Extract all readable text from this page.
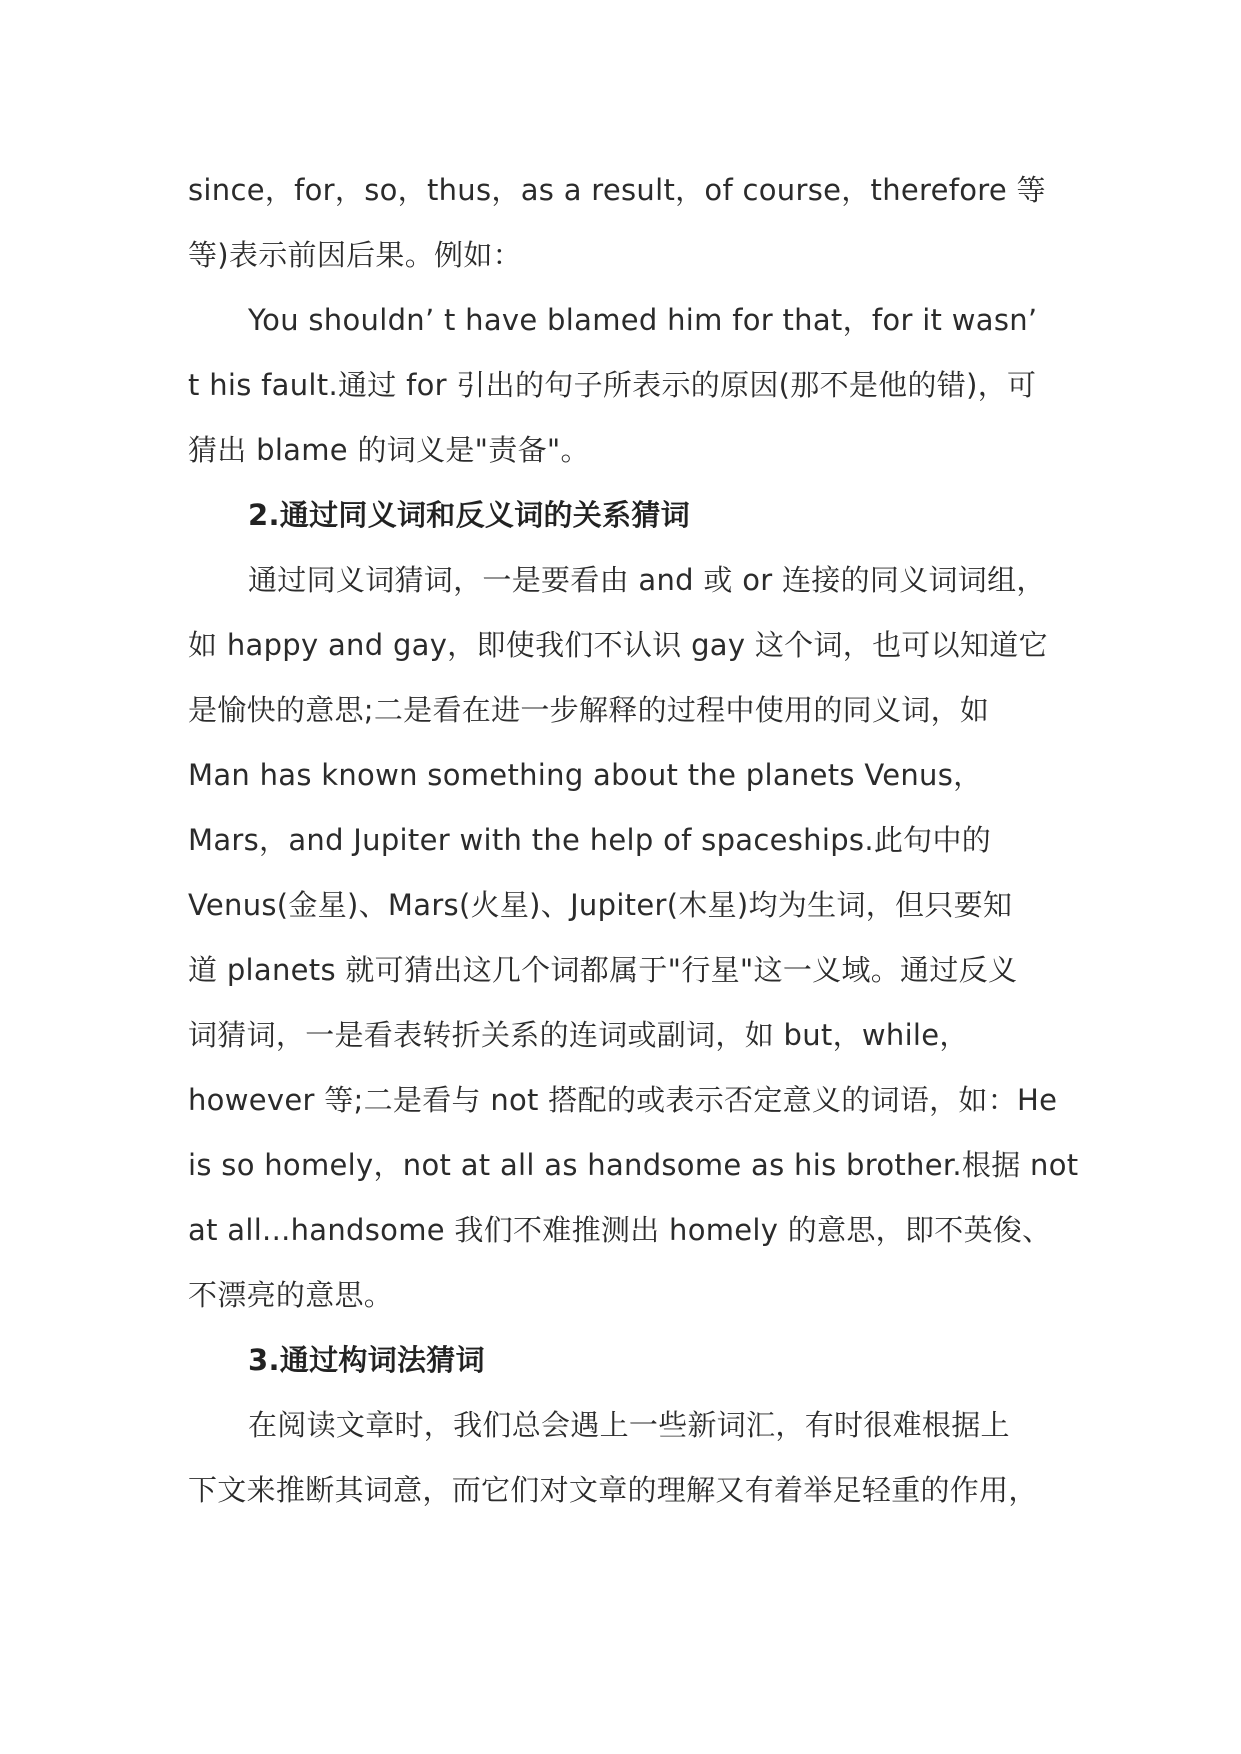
since，for，so，thus，as a result，of course，therefore 等
等)表示前因后果。例如：
You shouldn’ t have blamed him for that，for it wasn’
t his fault.通过 for 引出的句子所表示的原因(那不是他的错)，可
猜出 blame 的词义是"责备"。
2.通过同义词和反义词的关系猜词
通过同义词猜词，一是要看由 and 或 or 连接的同义词词组，
如 happy and gay，即使我们不认识 gay 这个词，也可以知道它
是愉快的意思;二是看在进一步解释的过程中使用的同义词，如
Man has known something about the planets Venus，
Mars，and Jupiter with the help of spaceships.此句中的
Venus(金星)、Mars(火星)、Jupiter(木星)均为生词，但只要知
道 planets 就可猜出这几个词都属于"行星"这一义域。通过反义
词猜词，一是看表转折关系的连词或副词，如 but，while，
however 等;二是看与 not 搭配的或表示否定意义的词语，如：He
is so homely，not at all as handsome as his brother.根据 not
at all...handsome 我们不难推测出 homely 的意思，即不英俊、
不漂亮的意思。
3.通过构词法猜词
在阅读文章时，我们总会遇上一些新词汇，有时很难根据上
下文来推断其词意，而它们对文章的理解又有着举足轻重的作用，
